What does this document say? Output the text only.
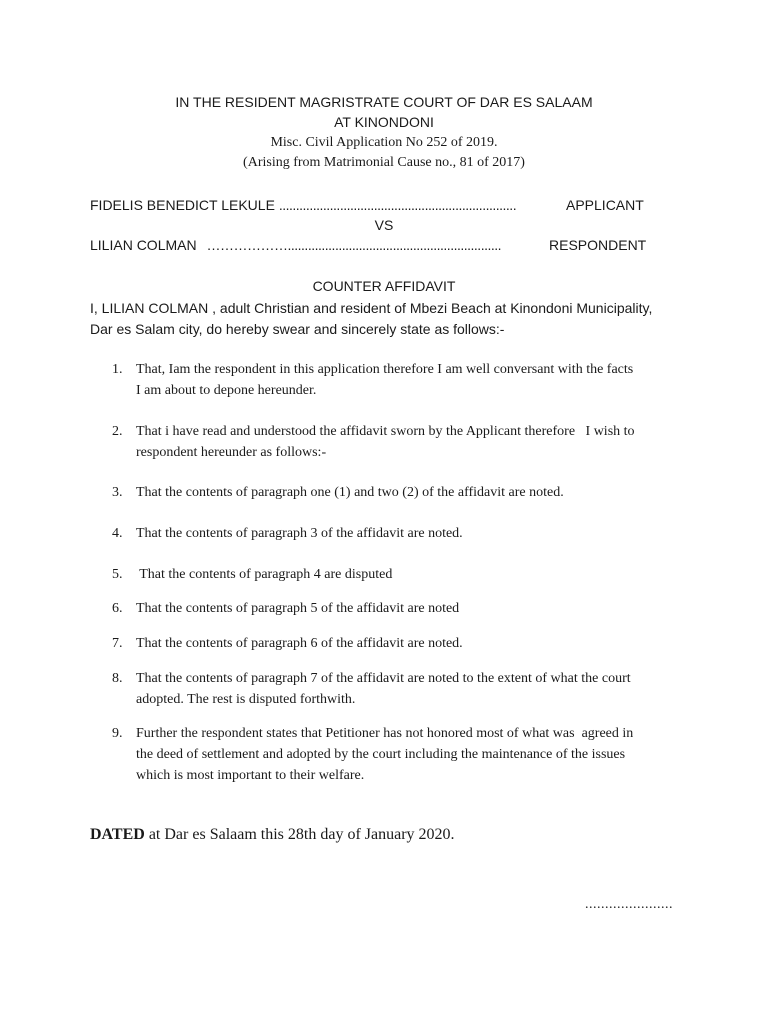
IN THE RESIDENT MAGRISTRATE COURT OF DAR ES SALAAM
AT KINONDONI
Misc. Civil Application No 252 of 2019.
(Arising from Matrimonial Cause no., 81 of 2017)
FIDELIS BENEDICT LEKULE ......................................................................	APPLICANT
VS
LILIAN COLMAN ………………...............................................................	RESPONDENT
COUNTER AFFIDAVIT
I, LILIAN COLMAN , adult Christian and resident of Mbezi Beach at Kinondoni Municipality,
Dar es Salam city, do hereby swear and sincerely state as follows:-
1. That, Iam the respondent in this application therefore I am well conversant with the facts
I am about to depone hereunder.
2. That i have read and understood the affidavit sworn by the Applicant therefore   I wish to
respondent hereunder as follows:-
3. That the contents of paragraph one (1) and two (2) of the affidavit are noted.
4. That the contents of paragraph 3 of the affidavit are noted.
5. That the contents of paragraph 4 are disputed
6. That the contents of paragraph 5 of the affidavit are noted
7. That the contents of paragraph 6 of the affidavit are noted.
8. That the contents of paragraph 7 of the affidavit are noted to the extent of what the court
adopted. The rest is disputed forthwith.
9. Further the respondent states that Petitioner has not honored most of what was  agreed in
the deed of settlement and adopted by the court including the maintenance of the issues
which is most important to their welfare.
DATED at Dar es Salaam this 28th day of January 2020.
......................
